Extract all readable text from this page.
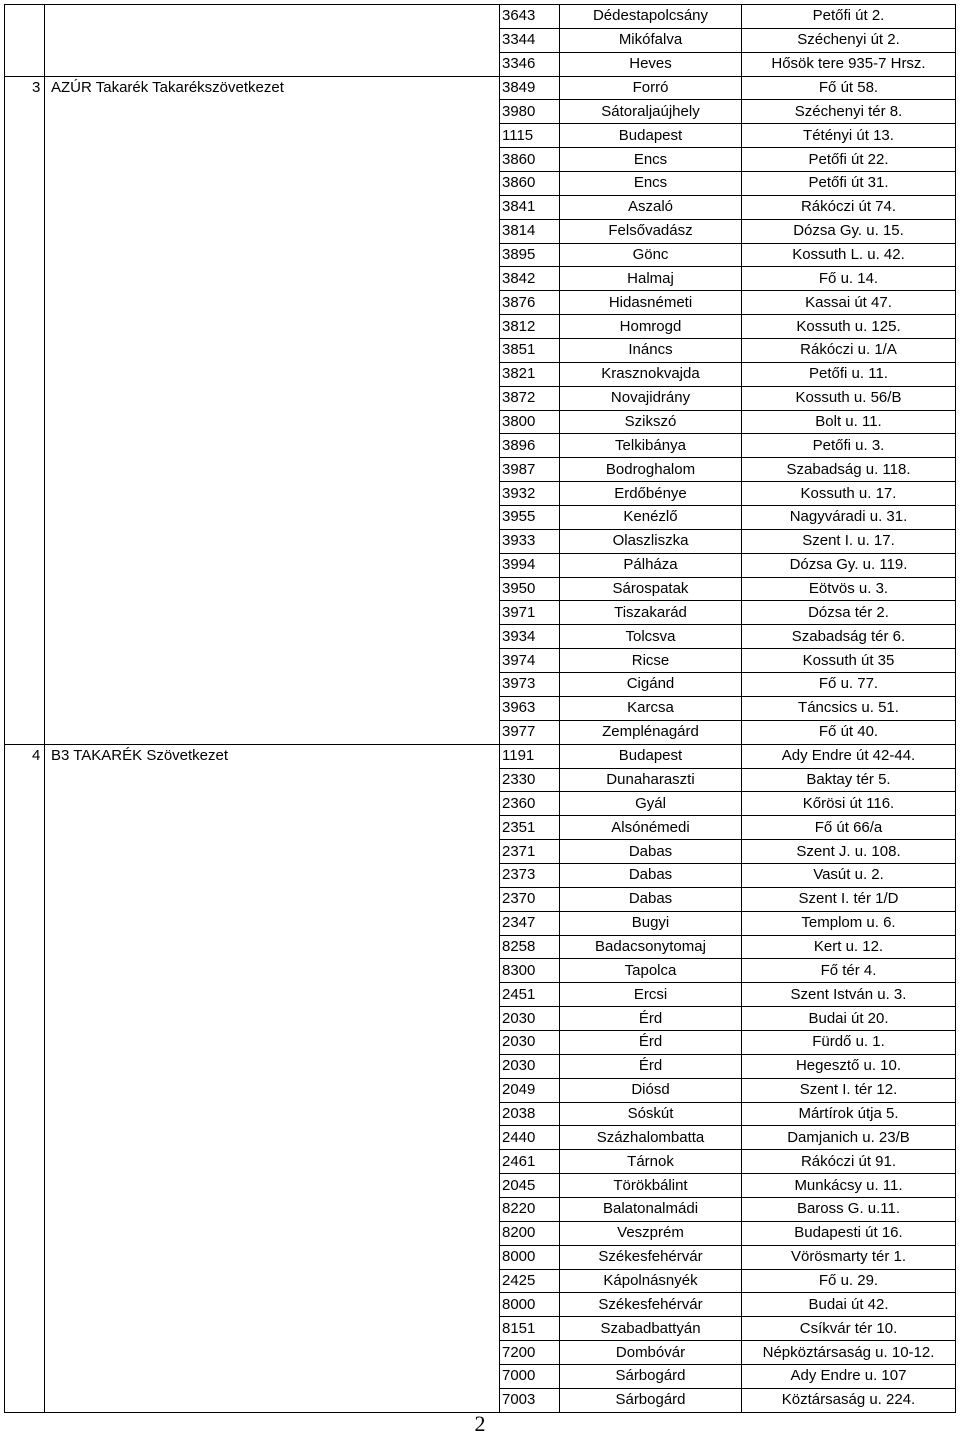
		3643	Dédestapolcsány	Petőfi út 2.
		3344	Mikófalva	Széchenyi út 2.
		3346	Heves	Hősök tere 935-7 Hrsz.
3	AZÚR Takarék Takarékszövetkezet	3849	Forró	Fő út 58.
		3980	Sátoraljaújhely	Széchenyi tér 8.
		1115	Budapest	Tétényi út 13.
		3860	Encs	Petőfi út 22.
		3860	Encs	Petőfi út 31.
		3841	Aszaló	Rákóczi út 74.
		3814	Felsővadász	Dózsa Gy. u. 15.
		3895	Gönc	Kossuth L. u. 42.
		3842	Halmaj	Fő u. 14.
		3876	Hidasnémeti	Kassai út 47.
		3812	Homrogd	Kossuth u. 125.
		3851	Ináncs	Rákóczi u. 1/A
		3821	Krasznokvajda	Petőfi u. 11.
		3872	Novajidrány	Kossuth u. 56/B
		3800	Szikszó	Bolt u. 11.
		3896	Telkibánya	Petőfi u. 3.
		3987	Bodroghalom	Szabadság u. 118.
		3932	Erdőbénye	Kossuth u. 17.
		3955	Kenézlő	Nagyváradi u. 31.
		3933	Olaszliszka	Szent I. u. 17.
		3994	Pálháza	Dózsa Gy. u. 119.
		3950	Sárospatak	Eötvös u. 3.
		3971	Tiszakarád	Dózsa tér 2.
		3934	Tolcsva	Szabadság tér 6.
		3974	Ricse	Kossuth út 35
		3973	Cigánd	Fő u. 77.
		3963	Karcsa	Táncsics u. 51.
		3977	Zemplénagárd	Fő út 40.
4	B3 TAKARÉK Szövetkezet	1191	Budapest	Ady Endre út 42-44.
		2330	Dunaharaszti	Baktay tér 5.
		2360	Gyál	Kőrösi út 116.
		2351	Alsónémedi	Fő út 66/a
		2371	Dabas	Szent J. u. 108.
		2373	Dabas	Vasút u. 2.
		2370	Dabas	Szent I. tér 1/D
		2347	Bugyi	Templom u. 6.
		8258	Badacsonytomaj	Kert u. 12.
		8300	Tapolca	Fő tér 4.
		2451	Ercsi	Szent István u. 3.
		2030	Érd	Budai út 20.
		2030	Érd	Fürdő u. 1.
		2030	Érd	Hegesztő u. 10.
		2049	Diósd	Szent I. tér 12.
		2038	Sóskút	Mártírok útja 5.
		2440	Százhalombatta	Damjanich u. 23/B
		2461	Tárnok	Rákóczi út 91.
		2045	Törökbálint	Munkácsy u. 11.
		8220	Balatonalmádi	Baross G. u.11.
		8200	Veszprém	Budapesti út 16.
		8000	Székesfehérvár	Vörösmarty tér 1.
		2425	Kápolnásnyék	Fő u. 29.
		8000	Székesfehérvár	Budai út 42.
		8151	Szabadbattyán	Csíkvár tér 10.
		7200	Dombóvár	Népköztársaság u. 10-12.
		7000	Sárbogárd	Ady Endre u. 107
		7003	Sárbogárd	Köztársaság u. 224.
2
